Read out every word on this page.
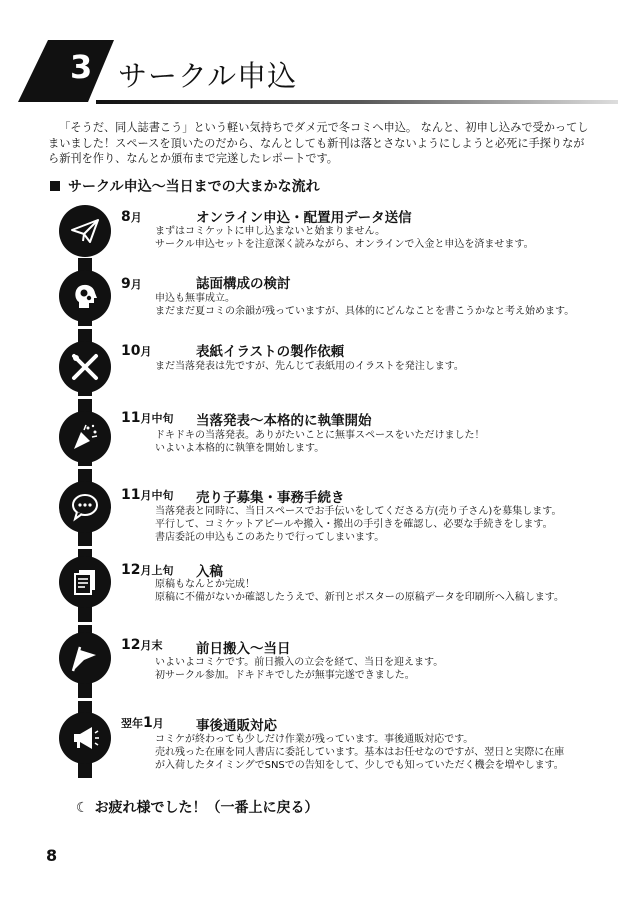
3 サークル申込
「そうだ、同人誌書こう」という軽い気持ちでダメ元で冬コミへ申込。 なんと、初申し込みで受かってしまいました！スペースを頂いたのだから、なんとしても新刊は落とさないようにしようと必死に手探りながら新刊を作り、なんとか頒布まで完遂したレポートです。
サークル申込～当日までの大まかな流れ
8月	オンライン申込・配置用データ送信
まずはコミケットに申し込まないと始まりません。
サークル申込セットを注意深く読みながら、オンラインで入金と申込を済ませます。
9月	誌面構成の検討
申込も無事成立。
まだまだ夏コミの余韻が残っていますが、具体的にどんなことを書こうかなと考え始めます。
10月	表紙イラストの製作依頼
まだ当落発表は先ですが、先んじて表紙用のイラストを発注します。
11月中旬 当落発表～本格的に執筆開始
ドキドキの当落発表。ありがたいことに無事スペースをいただけました！
いよいよ本格的に執筆を開始します。
11月中旬 売り子募集・事務手続き
当落発表と同時に、当日スペースでお手伝いをしてくださる方(売り子さん)を募集します。
平行して、コミケットアピールや搬入・搬出の手引きを確認し、必要な手続きをします。
書店委託の申込もこのあたりで行ってしまいます。
12月上旬 入稿
原稿もなんとか完成！
原稿に不備がないか確認したうえで、新刊とポスターの原稿データを印刷所へ入稿します。
12月末 前日搬入～当日
いよいよコミケです。前日搬入の立会を経て、当日を迎えます。
初サークル参加。ドキドキでしたが無事完遂できました。
翌年1月 事後通販対応
コミケが終わっても少しだけ作業が残っています。事後通販対応です。
売れ残った在庫を同人書店に委託しています。基本はお任せなのですが、翌日と実際に在庫
が入荷したタイミングでSNSでの告知をして、少しでも知っていただく機会を増やします。
☾ お疲れ様でした！（一番上に戻る）
8
